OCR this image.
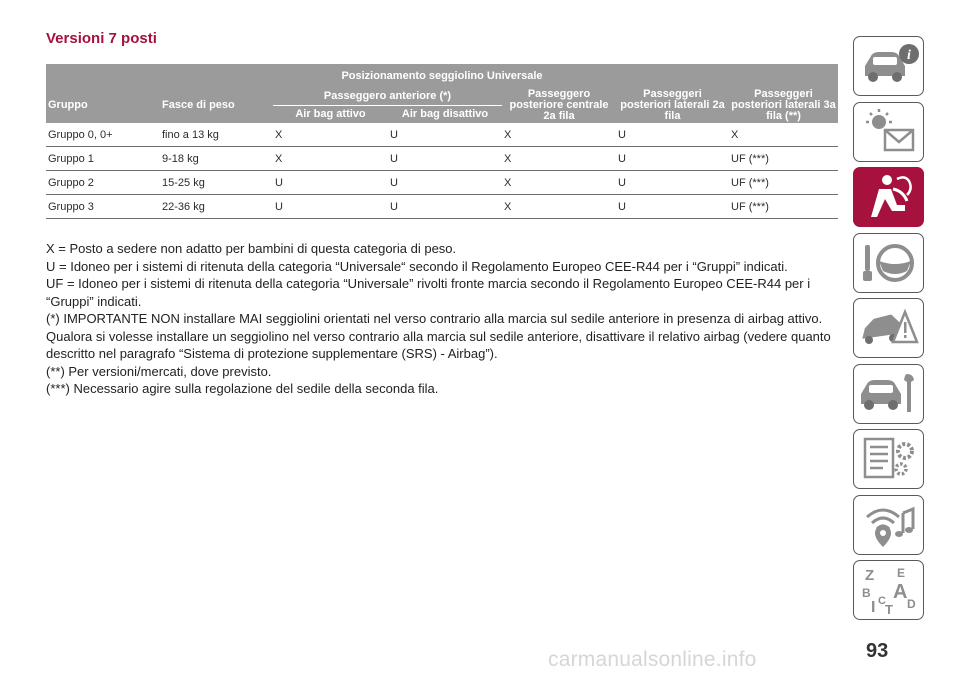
Versioni 7 posti
Posizionamento seggiolino Universale						
Gruppo	Fasce di peso	Passeggero anteriore (*)		Passeggero posteriore centrale 2a fila	Passeggeri posteriori laterali 2a fila	Passeggeri posteriori laterali 3a fila (**)
		Air bag attivo	Air bag disattivo			
Gruppo 0, 0+	fino a 13 kg	X	U	X	U	X
Gruppo 1	9-18 kg	X	U	X	U	UF (***)
Gruppo 2	15-25 kg	U	U	X	U	UF (***)
Gruppo 3	22-36 kg	U	U	X	U	UF (***)

X = Posto a sedere non adatto per bambini di questa categoria di peso.

U = Idoneo per i sistemi di ritenuta della categoria “Universale“ secondo il Regolamento Europeo CEE-R44 per i “Gruppi” indicati.

UF = Idoneo per i sistemi di ritenuta della categoria “Universale” rivolti fronte marcia secondo il Regolamento Europeo CEE-R44 per i “Gruppi” indicati.

(*) IMPORTANTE NON installare MAI seggiolini orientati nel verso contrario alla marcia sul sedile anteriore in presenza di airbag attivo. Qualora si volesse installare un seggiolino nel verso contrario alla marcia sul sedile anteriore, disattivare il relativo airbag (vedere quanto descritto nel paragrafo “Sistema di protezione supplementare (SRS) - Airbag”).

(**) Per versioni/mercati, dove previsto.

(***) Necessario agire sulla regolazione del sedile della seconda fila.

i
Z E
B A
I C
T D

93

carmanualsonline.info
